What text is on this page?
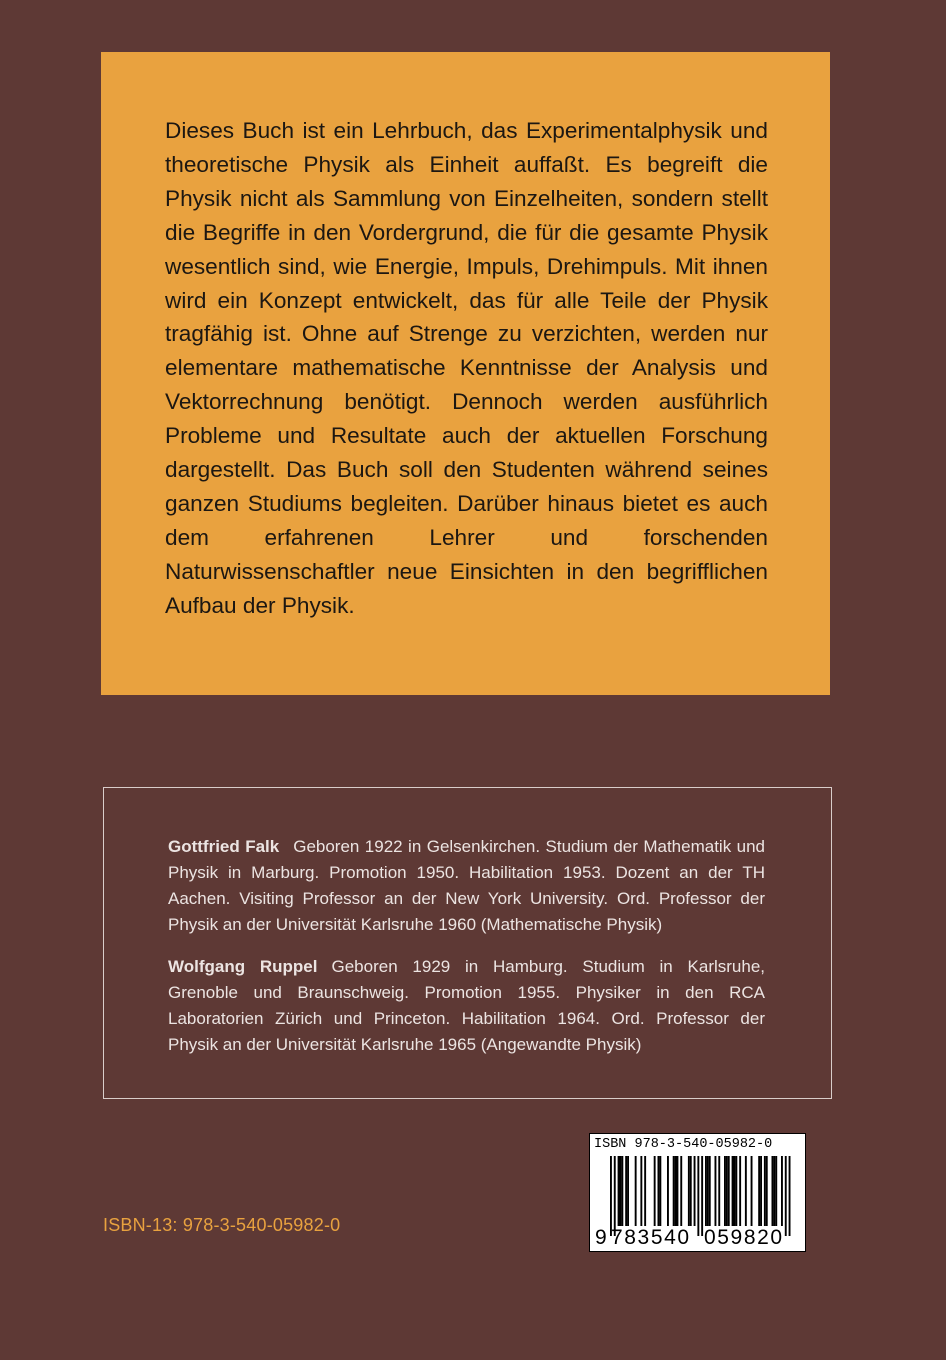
Dieses Buch ist ein Lehrbuch, das Experimentalphysik und theoretische Physik als Einheit auffaßt. Es begreift die Physik nicht als Sammlung von Einzelheiten, sondern stellt die Begriffe in den Vordergrund, die für die gesamte Physik wesentlich sind, wie Energie, Impuls, Drehimpuls. Mit ihnen wird ein Konzept entwickelt, das für alle Teile der Physik tragfähig ist. Ohne auf Strenge zu verzichten, werden nur elementare mathematische Kenntnisse der Analysis und Vektorrechnung benötigt. Dennoch werden ausführlich Probleme und Resultate auch der aktuellen Forschung dargestellt. Das Buch soll den Studenten während seines ganzen Studiums begleiten. Darüber hinaus bietet es auch dem erfahrenen Lehrer und forschenden Naturwissenschaftler neue Einsichten in den begrifflichen Aufbau der Physik.

Gottfried Falk Geboren 1922 in Gelsenkirchen. Studium der Mathematik und Physik in Marburg. Promotion 1950. Habilitation 1953. Dozent an der TH Aachen. Visiting Professor an der New York University. Ord. Professor der Physik an der Universität Karlsruhe 1960 (Mathematische Physik)

Wolfgang Ruppel Geboren 1929 in Hamburg. Studium in Karlsruhe, Grenoble und Braunschweig. Promotion 1955. Physiker in den RCA Laboratorien Zürich und Princeton. Habilitation 1964. Ord. Professor der Physik an der Universität Karlsruhe 1965 (Angewandte Physik)

ISBN-13: 978-3-540-05982-0
ISBN 978-3-540-05982-0
9 783540 059820
